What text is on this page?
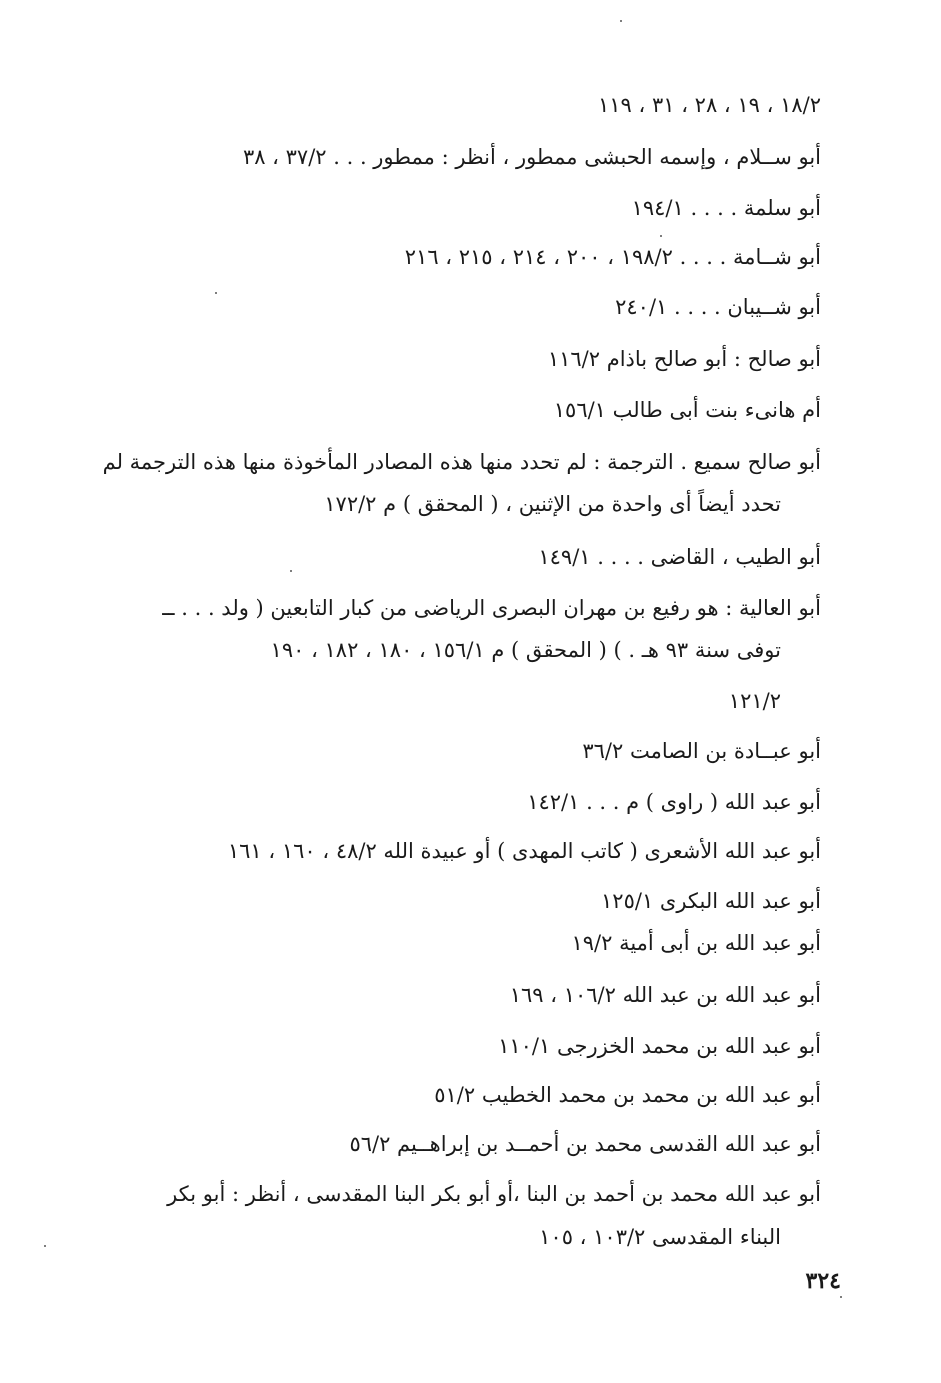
١٨/٢ ، ١٩ ، ٢٨ ، ٣١ ، ١١٩
أبو ســلام ، وإسمه الحبشى ممطور ، أنظر : ممطور . . . ٣٧/٢ ، ٣٨
أبو سلمة . . . . ١٩٤/١
أبو شــامة . . . . ١٩٨/٢ ، ٢٠٠ ، ٢١٤ ، ٢١٥ ، ٢١٦
أبو شــيبان . . . . ٢٤٠/١
أبو صالح : أبو صالح باذام ١١٦/٢
أم هانىء بنت أبى طالب ١٥٦/١
أبو صالح سميع . الترجمة : لم تحدد منها هذه المصادر المأخوذة منها هذه الترجمة لم
تحدد أيضاً أى واحدة من الإثنين ، ( المحقق ) م ١٧٢/٢
أبو الطيب ، القاضى . . . . ١٤٩/١
أبو العالية : هو رفيع بن مهران البصرى الرياضى من كبار التابعين ( ولد . . . ــ
توفى سنة ٩٣ هـ . ) ( المحقق ) م ١٥٦/١ ، ١٨٠ ، ١٨٢ ، ١٩٠
١٢١/٢
أبو عبــادة بن الصامت ٣٦/٢
أبو عبد الله ( راوى ) م . . . ١٤٢/١
أبو عبد الله الأشعرى ( كاتب المهدى ) أو عبيدة الله ٤٨/٢ ، ١٦٠ ، ١٦١
أبو عبد الله البكرى ١٢٥/١
أبو عبد الله بن أبى أمية ١٩/٢
أبو عبد الله بن عبد الله ١٠٦/٢ ، ١٦٩
أبو عبد الله بن محمد الخزرجى ١١٠/١
أبو عبد الله بن محمد بن محمد الخطيب ٥١/٢
أبو عبد الله القدسى محمد بن أحمــد بن إبراهــيم ٥٦/٢
أبو عبد الله محمد بن أحمد بن البنا ،أو أبو بكر البنا المقدسى ، أنظر : أبو بكر
البناء المقدسى ١٠٣/٢ ، ١٠٥
٣٢٤
